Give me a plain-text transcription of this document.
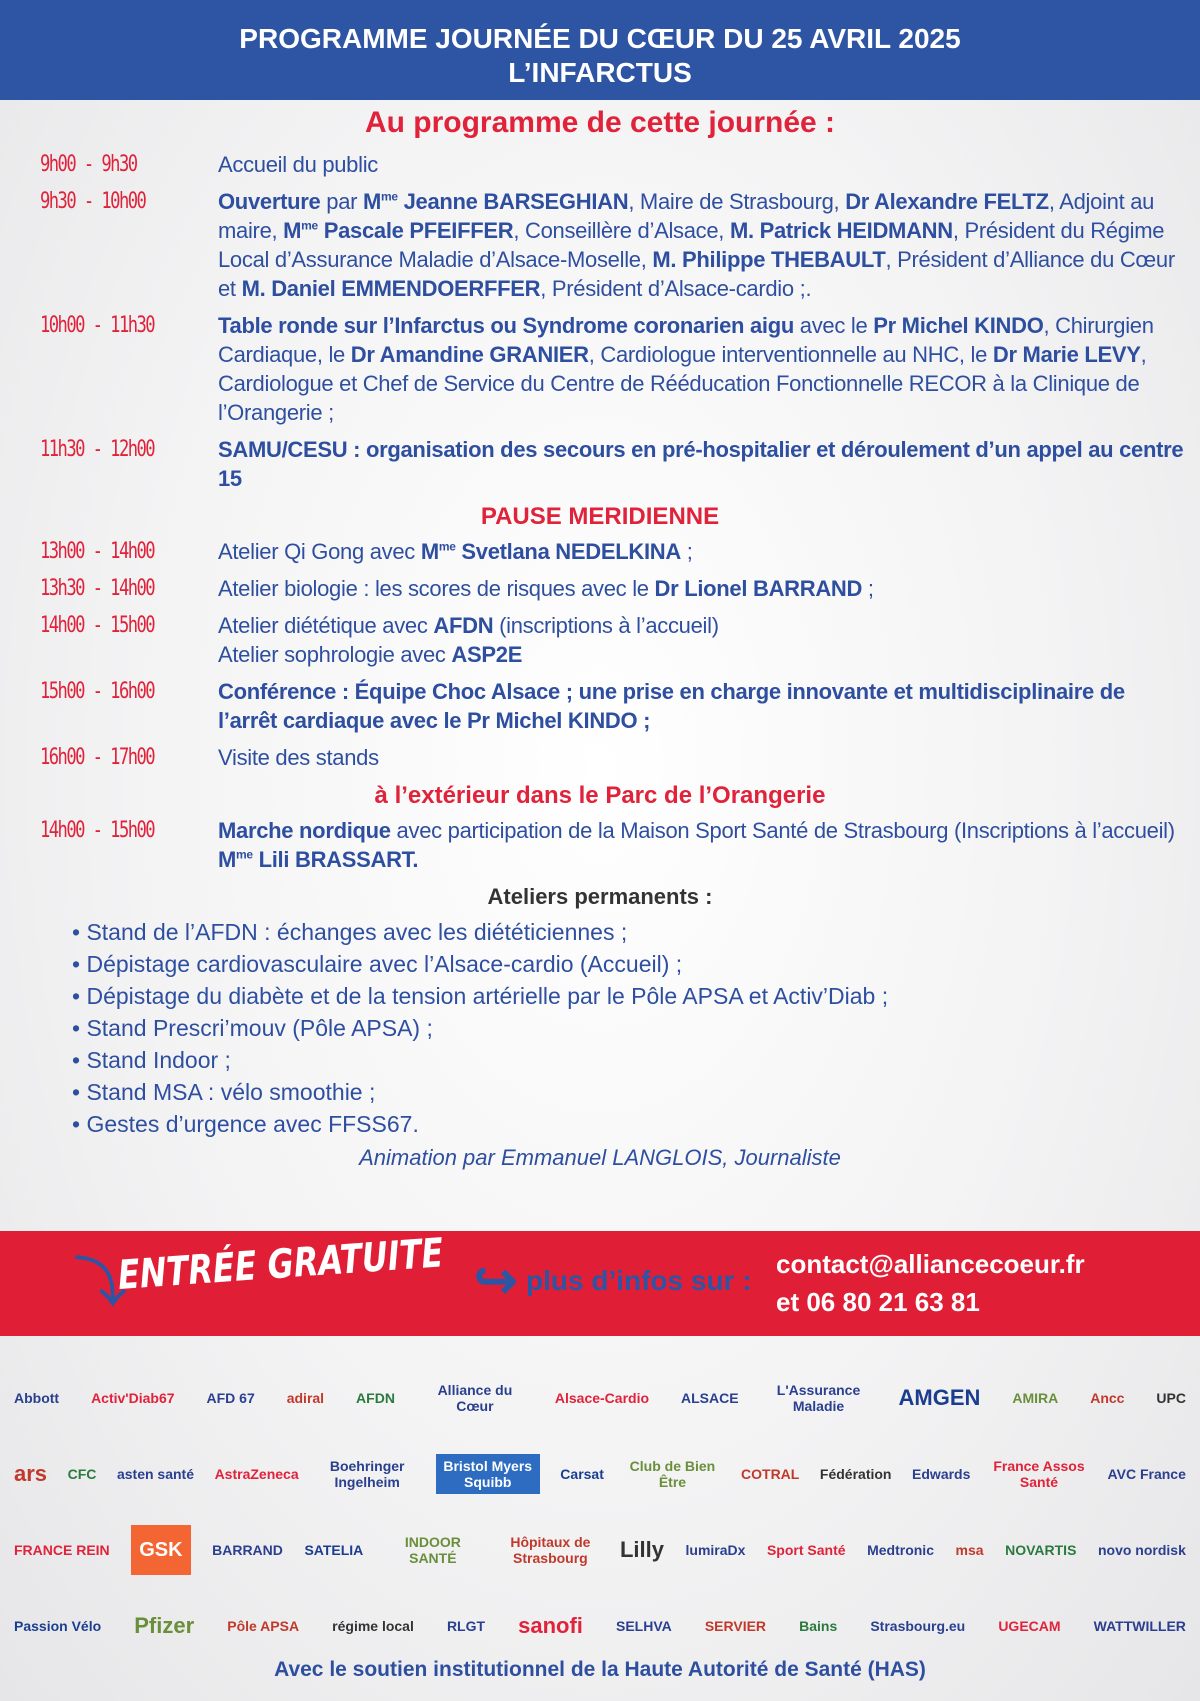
PROGRAMME JOURNÉE DU CŒUR DU 25 AVRIL 2025
L’INFARCTUS
Au programme de cette journée :
9h00 - 9h30	Accueil du public
9h30 - 10h00	Ouverture par $M^{me}$ Jeanne BARSEGHIAN, Maire de Strasbourg, Dr Alexandre FELTZ, Adjoint au maire, $M^{me}$ Pascale PFEIFFER, Conseillère d’Alsace, M. Patrick HEIDMANN, Président du Régime Local d’Assurance Maladie d’Alsace-Moselle, M. Philippe THEBAULT, Président d’Alliance du Cœur et M. Daniel EMMENDOERFFER, Président d’Alsace-cardio ;.
10h00 - 11h30	Table ronde sur l’Infarctus ou Syndrome coronarien aigu avec le Pr Michel KINDO, Chirurgien Cardiaque, le Dr Amandine GRANIER, Cardiologue interventionnelle au NHC, le Dr Marie LEVY, Cardiologue et Chef de Service du Centre de Rééducation Fonctionnelle RECOR à la Clinique de l’Orangerie ;
11h30 - 12h00	SAMU/CESU : organisation des secours en pré-hospitalier et déroulement d’un appel au centre 15
PAUSE MERIDIENNE
13h00 - 14h00	Atelier Qi Gong avec $M^{me}$ Svetlana NEDELKINA ;
13h30 - 14h00	Atelier biologie : les scores de risques avec le Dr Lionel BARRAND ;
14h00 - 15h00	Atelier diététique avec AFDN (inscriptions à l’accueil)
Atelier sophrologie avec ASP2E
15h00 - 16h00	Conférence : Équipe Choc Alsace ; une prise en charge innovante et multidisciplinaire de l’arrêt cardiaque avec le Pr Michel KINDO ;
16h00 - 17h00	Visite des stands
à l’extérieur dans le Parc de l’Orangerie
14h00 - 15h00	Marche nordique avec participation de la Maison Sport Santé de Strasbourg (Inscriptions à l’accueil) $M^{me}$ Lili BRASSART.
Ateliers permanents :
• Stand de l’AFDN : échanges avec les diététiciennes ;
• Dépistage cardiovasculaire avec l’Alsace-cardio (Accueil) ;
• Dépistage du diabète et de la tension artérielle par le Pôle APSA et Activ’Diab ;
• Stand Prescri’mouv (Pôle APSA) ;
• Stand Indoor ;
• Stand MSA : vélo smoothie ;
• Gestes d’urgence avec FFSS67.
Animation par Emmanuel LANGLOIS, Journaliste
⤵
ENTRÉE GRATUITE ↪ plus d’infos sur :
contact@alliancecoeur.fr
et 06 80 21 63 81
Abbott Activ'Diab67 AFD 67 adiral AFDN	Alliance du Cœur	Alsace-Cardio ALSACE	L'Assurance Maladie	AMGEN AMIRA Ancc UPC
ars CFC asten santé AstraZeneca	Boehringer Ingelheim
Bristol Myers Squibb	Carsat	Club de Bien Être	COTRAL Fédération Edwards France Assos Santé	AVC France
FRANCE REIN	GSK	BARRAND SATELIA	INDOOR SANTÉ
Hôpitaux de Strasbourg	Lilly lumiraDx Sport Santé Medtronic msa NOVARTIS novo nordisk
Passion Vélo Pfizer Pôle APSA régime local RLGT sanofi SELHVA SERVIER Bains Strasbourg.eu UGECAM WATTWILLER
Avec le soutien institutionnel de la Haute Autorité de Santé (HAS)
